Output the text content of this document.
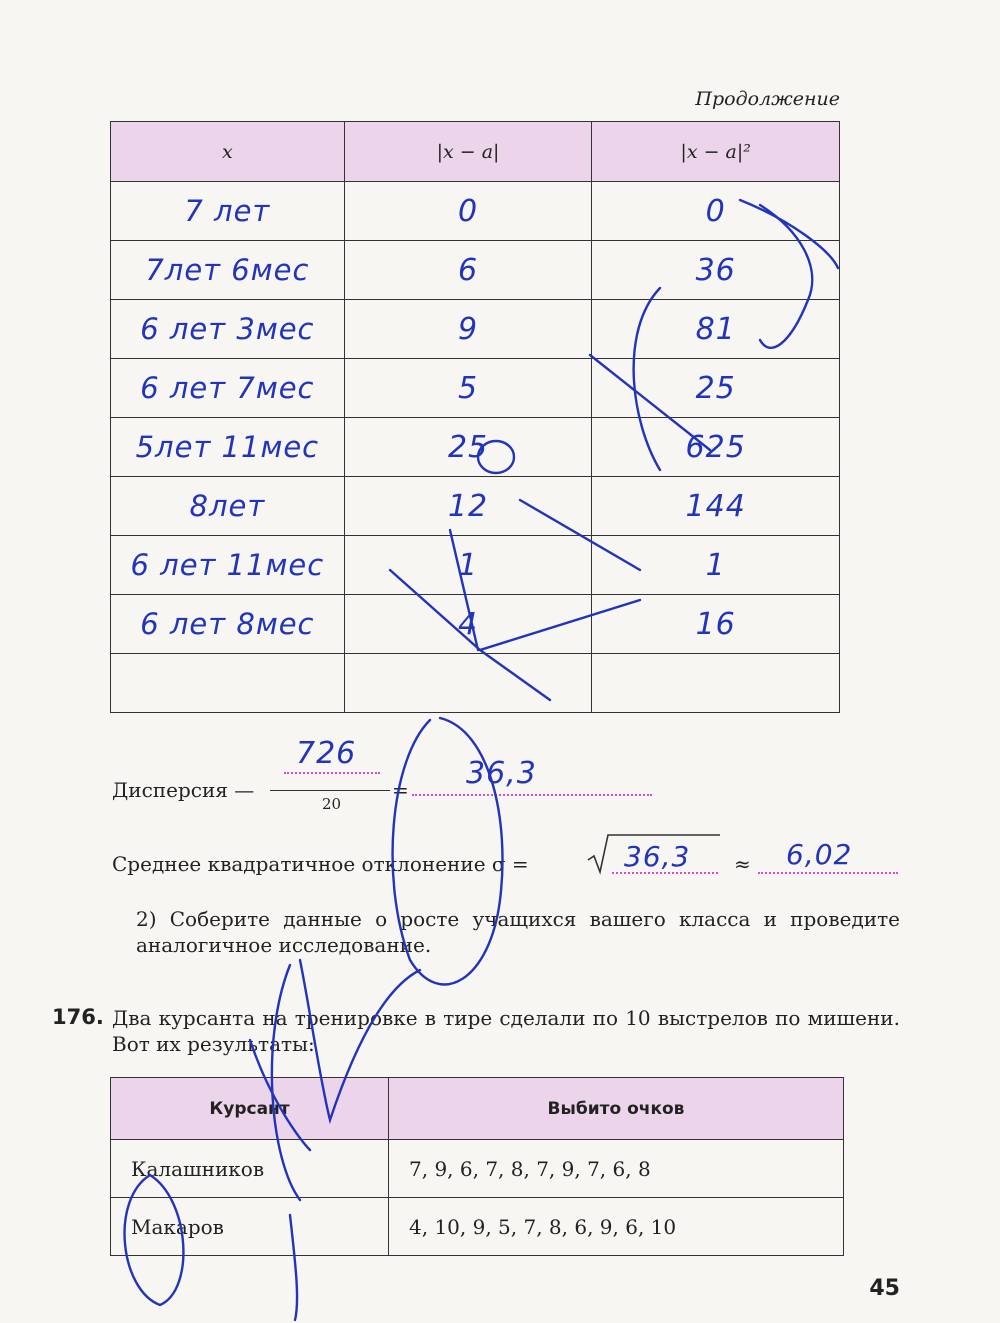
Продолжение
x	|x − a|	|x − a|²

7 лет	0	0

7лет 6мес	6	36

6 лет 3мес	9	81

6 лет 7мес	5	25

5лет 11мес	25	625

8лет	12	144

6 лет 11мес	1	1

6 лет 8мес	4	16

Дисперсия —
726
20
= 36,3
Среднее квадратичное отклонение σ =	36,3 ≈ 6,02
2) Соберите данные о росте учащихся вашего класса и проведите аналогичное исследование.
176. Два курсанта на тренировке в тире сделали по 10 выстрелов по мишени. Вот их результаты:
Курсант	Выбито очков
Калашников	7, 9, 6, 7, 8, 7, 9, 7, 6, 8
Макаров	4, 10, 9, 5, 7, 8, 6, 9, 6, 10
45
